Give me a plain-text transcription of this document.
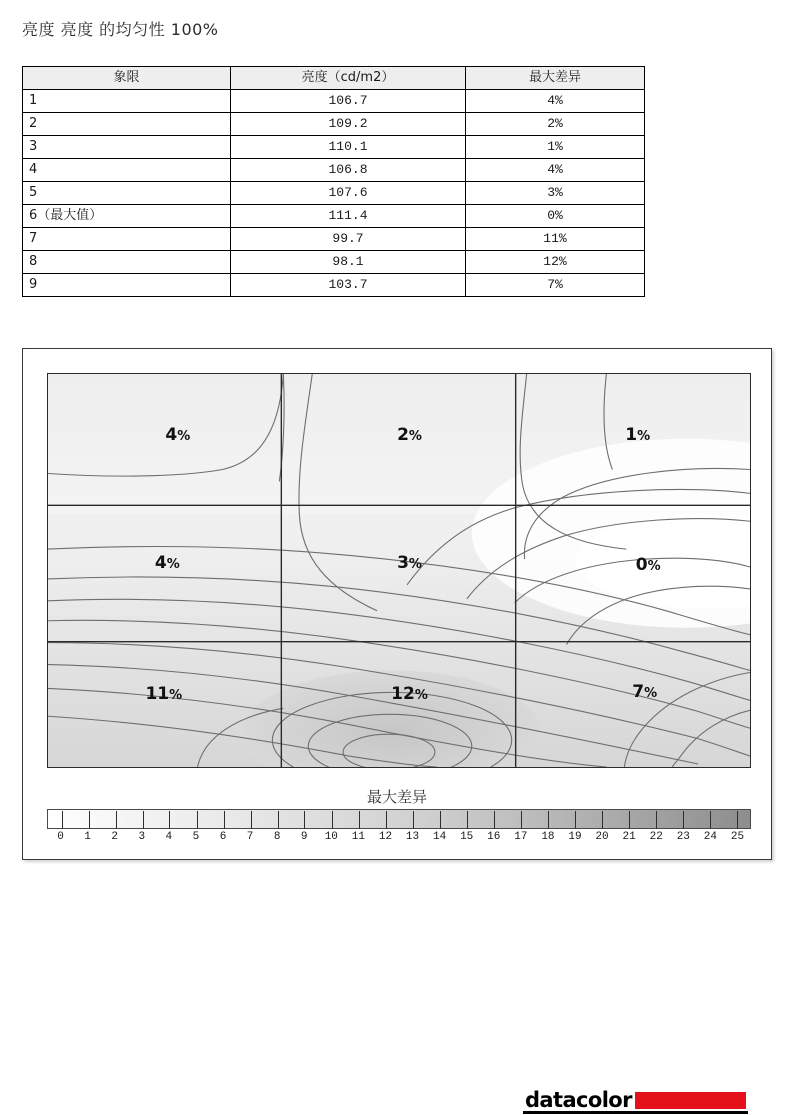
亮度 亮度 的均匀性 100%
象限	亮度（cd/m2）	最大差异
1	106.7	4%
2	109.2	2%
3	110.1	1%
4	106.8	4%
5	107.6	3%
6（最大值）	111.4	0%
7	99.7	11%
8	98.1	12%
9	103.7	7%
4%	2%	1%
4%	3%	0%
11%	12%	7%
datacolor
最大差异
0 1 2 3 4 5 6 7 8 9 10 11 12 13 14 15 16 17 18 19 20 21 22 23 24 25
